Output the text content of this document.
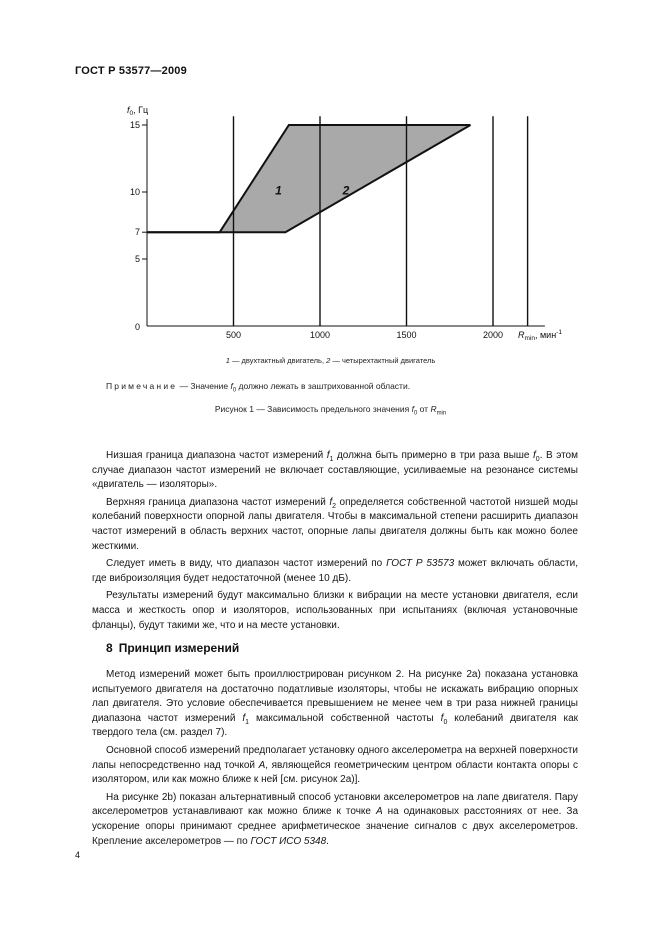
ГОСТ Р 53577—2009
5
7
10
15
500	1000	1500	2000
0
$f_0$, Гц
$R_{min}$, мин$^{-1}$
1	2
1 — двухтактный двигатель, 2 — четырехтактный двигатель
Примечание — Значение $f_0$ должно лежать в заштрихованной области.
Рисунок 1 — Зависимость предельного значения $f_0$ от $R_{min}$

Низшая граница диапазона частот измерений $f_1$ должна быть примерно в три раза выше $f_0$. В этом случае диапазон частот измерений не включает составляющие, усиливаемые на резонансе системы «двигатель — изоляторы».

Верхняя граница диапазона частот измерений $f_2$ определяется собственной частотой низшей моды колебаний поверхности опорной лапы двигателя. Чтобы в максимальной степени расширить диапазон частот измерений в область верхних частот, опорные лапы двигателя должны быть как можно более жесткими.

Следует иметь в виду, что диапазон частот измерений по ГОСТ Р 53573 может включать области, где виброизоляция будет недостаточной (менее 10 дБ).

Результаты измерений будут максимально близки к вибрации на месте установки двигателя, если масса и жесткость опор и изоляторов, использованных при испытаниях (включая установочные фланцы), будут такими же, что и на месте установки.

8 Принцип измерений

Метод измерений может быть проиллюстрирован рисунком 2. На рисунке 2а) показана установка испытуемого двигателя на достаточно податливые изоляторы, чтобы не искажать вибрацию опорных лап двигателя. Это условие обеспечивается превышением не менее чем в три раза нижней границы диапазона частот измерений $f_1$ максимальной собственной частоты $f_0$ колебаний двигателя как твердого тела (см. раздел 7).

Основной способ измерений предполагает установку одного акселерометра на верхней поверхности лапы непосредственно над точкой А, являющейся геометрическим центром области контакта опоры с изолятором, или как можно ближе к ней [см. рисунок 2а)].

На рисунке 2b) показан альтернативный способ установки акселерометров на лапе двигателя. Пару акселерометров устанавливают как можно ближе к точке А на одинаковых расстояниях от нее. За ускорение опоры принимают среднее арифметическое значение сигналов с двух акселерометров. Крепление акселерометров — по ГОСТ ИСО 5348.

4
